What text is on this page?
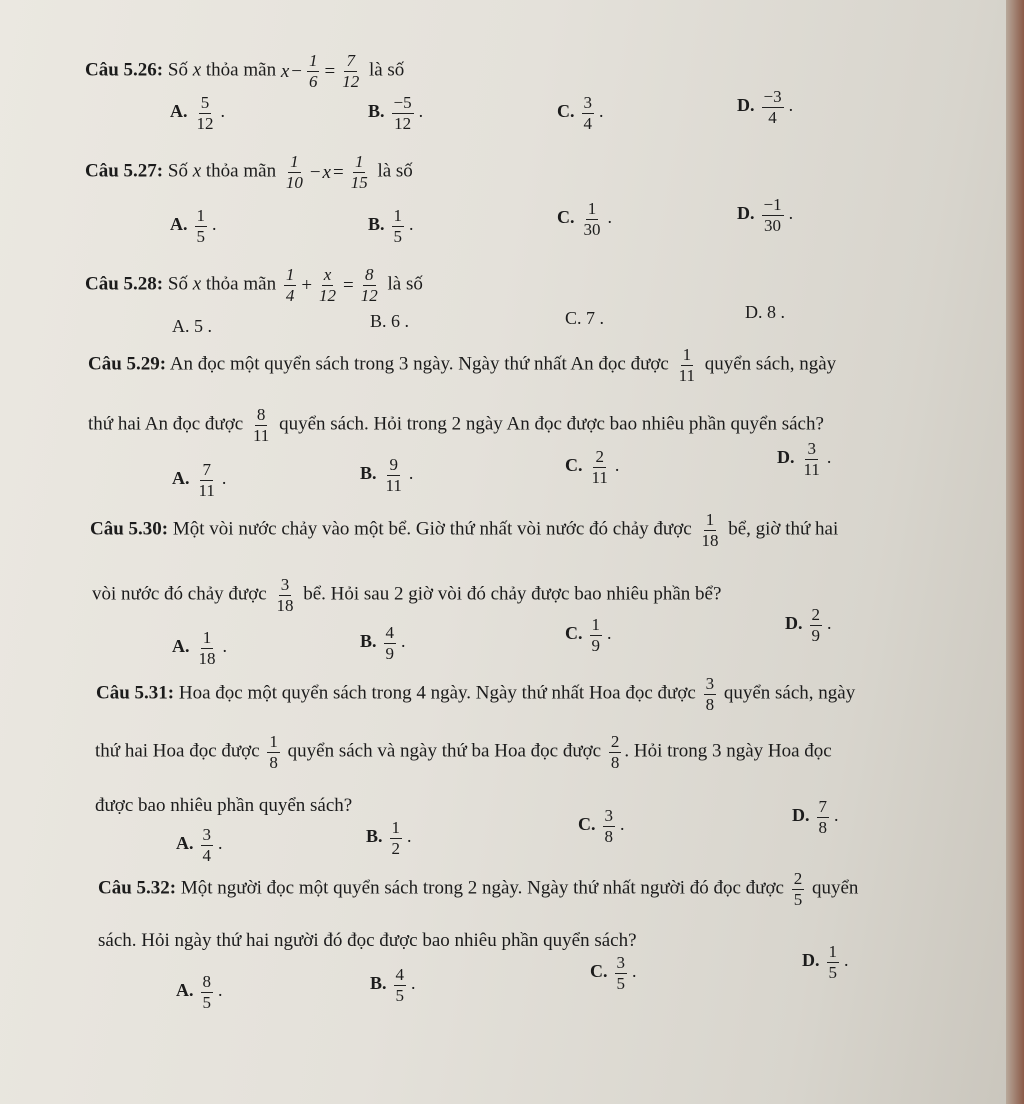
Câu 5.26: Số x thỏa mãn $x - \frac{1}{6} = \frac{7}{12}$ là số
A. $\frac{5}{12}$ .	B. $\frac{-5}{12}$ .	C. $\frac{3}{4}$ .	D. $\frac{-3}{4}$ .
Câu 5.27: Số x thỏa mãn $\frac{1}{10} - x = \frac{1}{15}$ là số
A. $\frac{1}{5}$ .	B. $\frac{1}{5}$ .	C. $\frac{1}{30}$ .	D. $\frac{-1}{30}$ .
Câu 5.28: Số x thỏa mãn $\frac{1}{4} + \frac{x}{12} = \frac{8}{12}$ là số
A. 5 .	B. 6 .	C. 7 .	D. 8 .
Câu 5.29: An đọc một quyển sách trong 3 ngày. Ngày thứ nhất An đọc được $\frac{1}{11}$ quyển sách, ngày
thứ hai An đọc được $\frac{8}{11}$ quyển sách. Hỏi trong 2 ngày An đọc được bao nhiêu phần quyển sách?
A. $\frac{7}{11}$ .	B. $\frac{9}{11}$ .	C. $\frac{2}{11}$ .	D. $\frac{3}{11}$ .
Câu 5.30: Một vòi nước chảy vào một bể. Giờ thứ nhất vòi nước đó chảy được $\frac{1}{18}$ bể, giờ thứ hai
vòi nước đó chảy được $\frac{3}{18}$ bể. Hỏi sau 2 giờ vòi đó chảy được bao nhiêu phần bể?
A. $\frac{1}{18}$ .	B. $\frac{4}{9}$ .	C. $\frac{1}{9}$ .	D. $\frac{2}{9}$ .
Câu 5.31: Hoa đọc một quyển sách trong 4 ngày. Ngày thứ nhất Hoa đọc được $\frac{3}{8}$ quyển sách, ngày
thứ hai Hoa đọc được $\frac{1}{8}$ quyển sách và ngày thứ ba Hoa đọc được $\frac{2}{8}$ . Hỏi trong 3 ngày Hoa đọc
được bao nhiêu phần quyển sách?
A. $\frac{3}{4}$ .	B. $\frac{1}{2}$ .
C. $\frac{3}{8}$ .	D. $\frac{7}{8}$ .
Câu 5.32: Một người đọc một quyển sách trong 2 ngày. Ngày thứ nhất người đó đọc được $\frac{2}{5}$ quyển
sách. Hỏi ngày thứ hai người đó đọc được bao nhiêu phần quyển sách?
A. $\frac{8}{5}$ .	B. $\frac{4}{5}$ .
C. $\frac{3}{5}$ .
D. $\frac{1}{5}$ .
